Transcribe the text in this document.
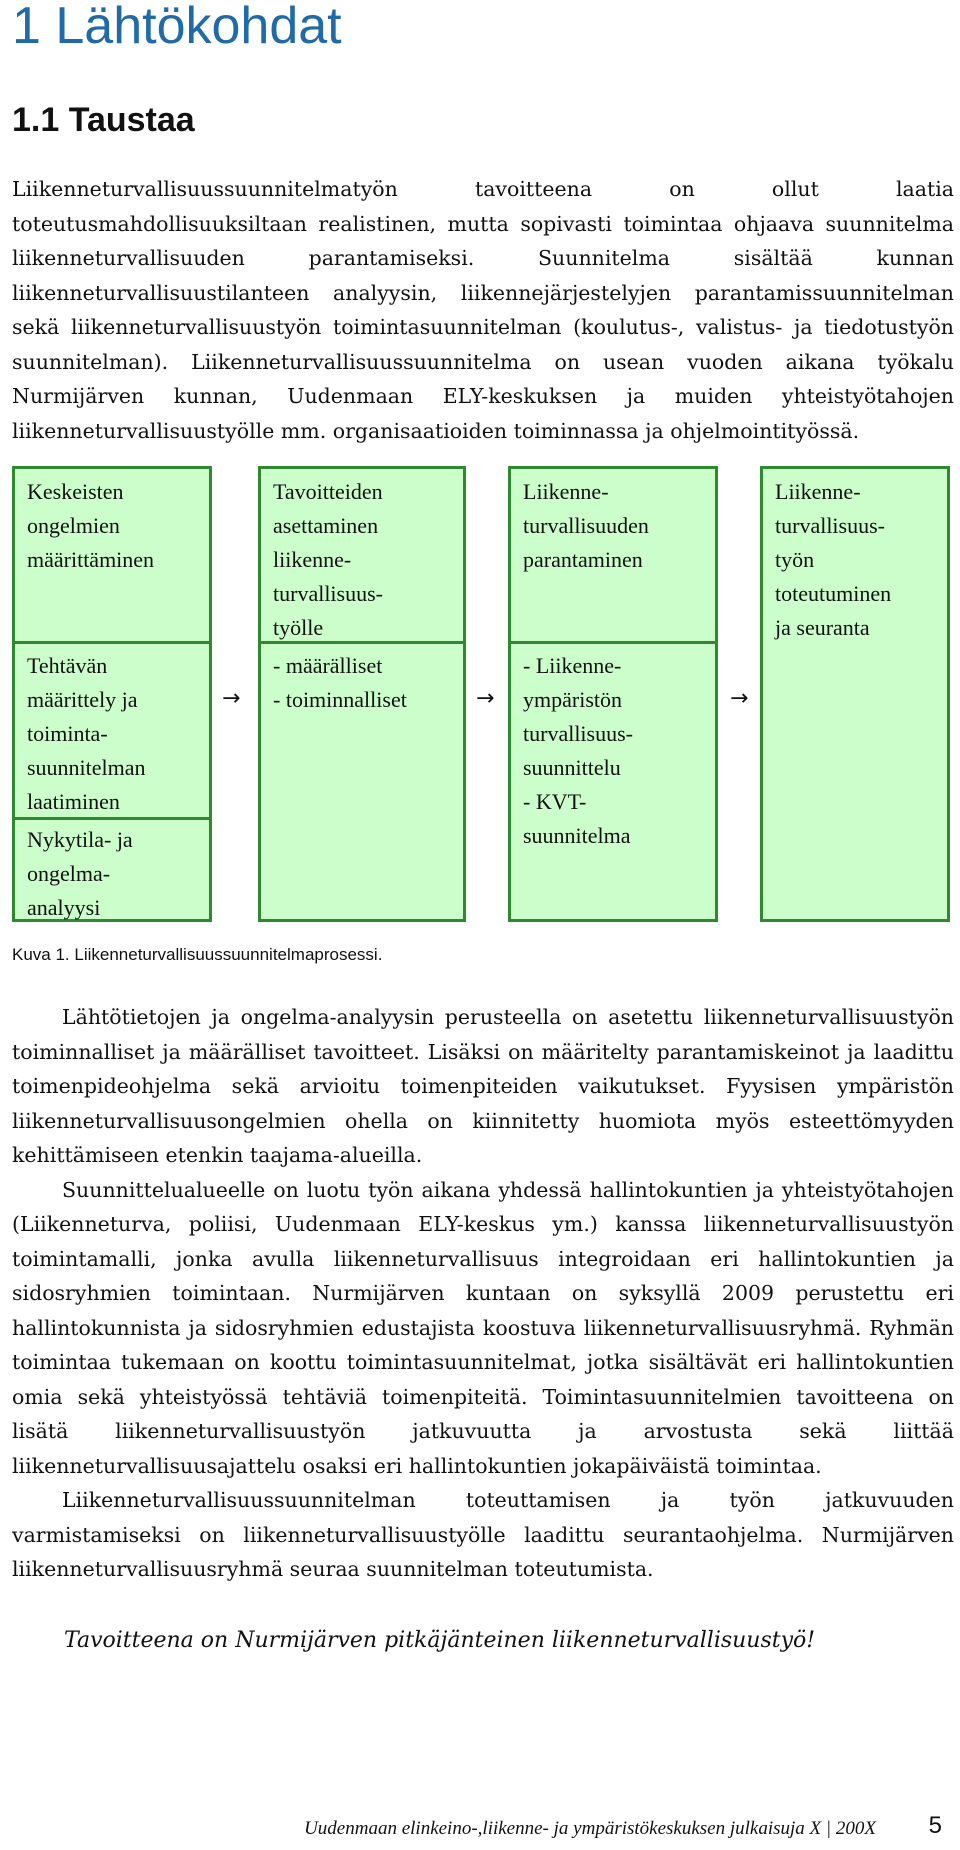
1 Lähtökohdat
1.1 Taustaa

Liikenneturvallisuussuunnitelmatyön tavoitteena on ollut laatia toteutusmahdollisuuksiltaan realistinen, mutta sopivasti toimintaa ohjaava suunnitelma liikenneturvallisuuden parantamiseksi. Suunnitelma sisältää kunnan liikenneturvallisuustilanteen analyysin, liikennejärjestelyjen parantamissuunnitelman sekä liikenneturvallisuustyön toimintasuunnitelman (koulutus-, valistus- ja tiedotustyön suunnitelman). Liikenneturvallisuussuunnitelma on usean vuoden aikana työkalu Nurmijärven kunnan, Uudenmaan ELY-keskuksen ja muiden yhteistyötahojen liikenneturvallisuustyölle mm. organisaatioiden toiminnassa ja ohjelmointityössä.

Keskeisten
ongelmien
määrittäminen
Tehtävän
määrittely ja
toiminta-
suunnitelman
laatiminen
Nykytila- ja
ongelma-
analyysi
→
Tavoitteiden
asettaminen
liikenne-
turvallisuus-
työlle
- määrälliset
- toiminnalliset	→
Liikenne-
turvallisuuden
parantaminen
- Liikenne-
ympäristön
turvallisuus-
suunnittelu
- KVT-
suunnitelma
→
Liikenne-
turvallisuus-
työn
toteutuminen
ja seuranta

Kuva 1. Liikenneturvallisuussuunnitelmaprosessi.

Lähtötietojen ja ongelma-analyysin perusteella on asetettu liikenneturvallisuustyön toiminnalliset ja määrälliset tavoitteet. Lisäksi on määritelty parantamiskeinot ja laadittu toimenpideohjelma sekä arvioitu toimenpiteiden vaikutukset. Fyysisen ympäristön liikenneturvallisuusongelmien ohella on kiinnitetty huomiota myös esteettömyyden kehittämiseen etenkin taajama-alueilla.

Suunnittelualueelle on luotu työn aikana yhdessä hallintokuntien ja yhteistyötahojen (Liikenneturva, poliisi, Uudenmaan ELY-keskus ym.) kanssa liikenneturvallisuustyön toimintamalli, jonka avulla liikenneturvallisuus integroidaan eri hallintokuntien ja sidosryhmien toimintaan. Nurmijärven kuntaan on syksyllä 2009 perustettu eri hallintokunnista ja sidosryhmien edustajista koostuva liikenneturvallisuusryhmä. Ryhmän toimintaa tukemaan on koottu toimintasuunnitelmat, jotka sisältävät eri hallintokuntien omia sekä yhteistyössä tehtäviä toimenpiteitä. Toimintasuunnitelmien tavoitteena on lisätä liikenneturvallisuustyön jatkuvuutta ja arvostusta sekä liittää liikenneturvallisuusajattelu osaksi eri hallintokuntien jokapäiväistä toimintaa.

Liikenneturvallisuussuunnitelman toteuttamisen ja työn jatkuvuuden varmistamiseksi on liikenneturvallisuustyölle laadittu seurantaohjelma. Nurmijärven liikenneturvallisuusryhmä seuraa suunnitelman toteutumista.

Tavoitteena on Nurmijärven pitkäjänteinen liikenneturvallisuustyö!

Uudenmaan elinkeino-,liikenne- ja ympäristökeskuksen julkaisuja X | 200X 5
